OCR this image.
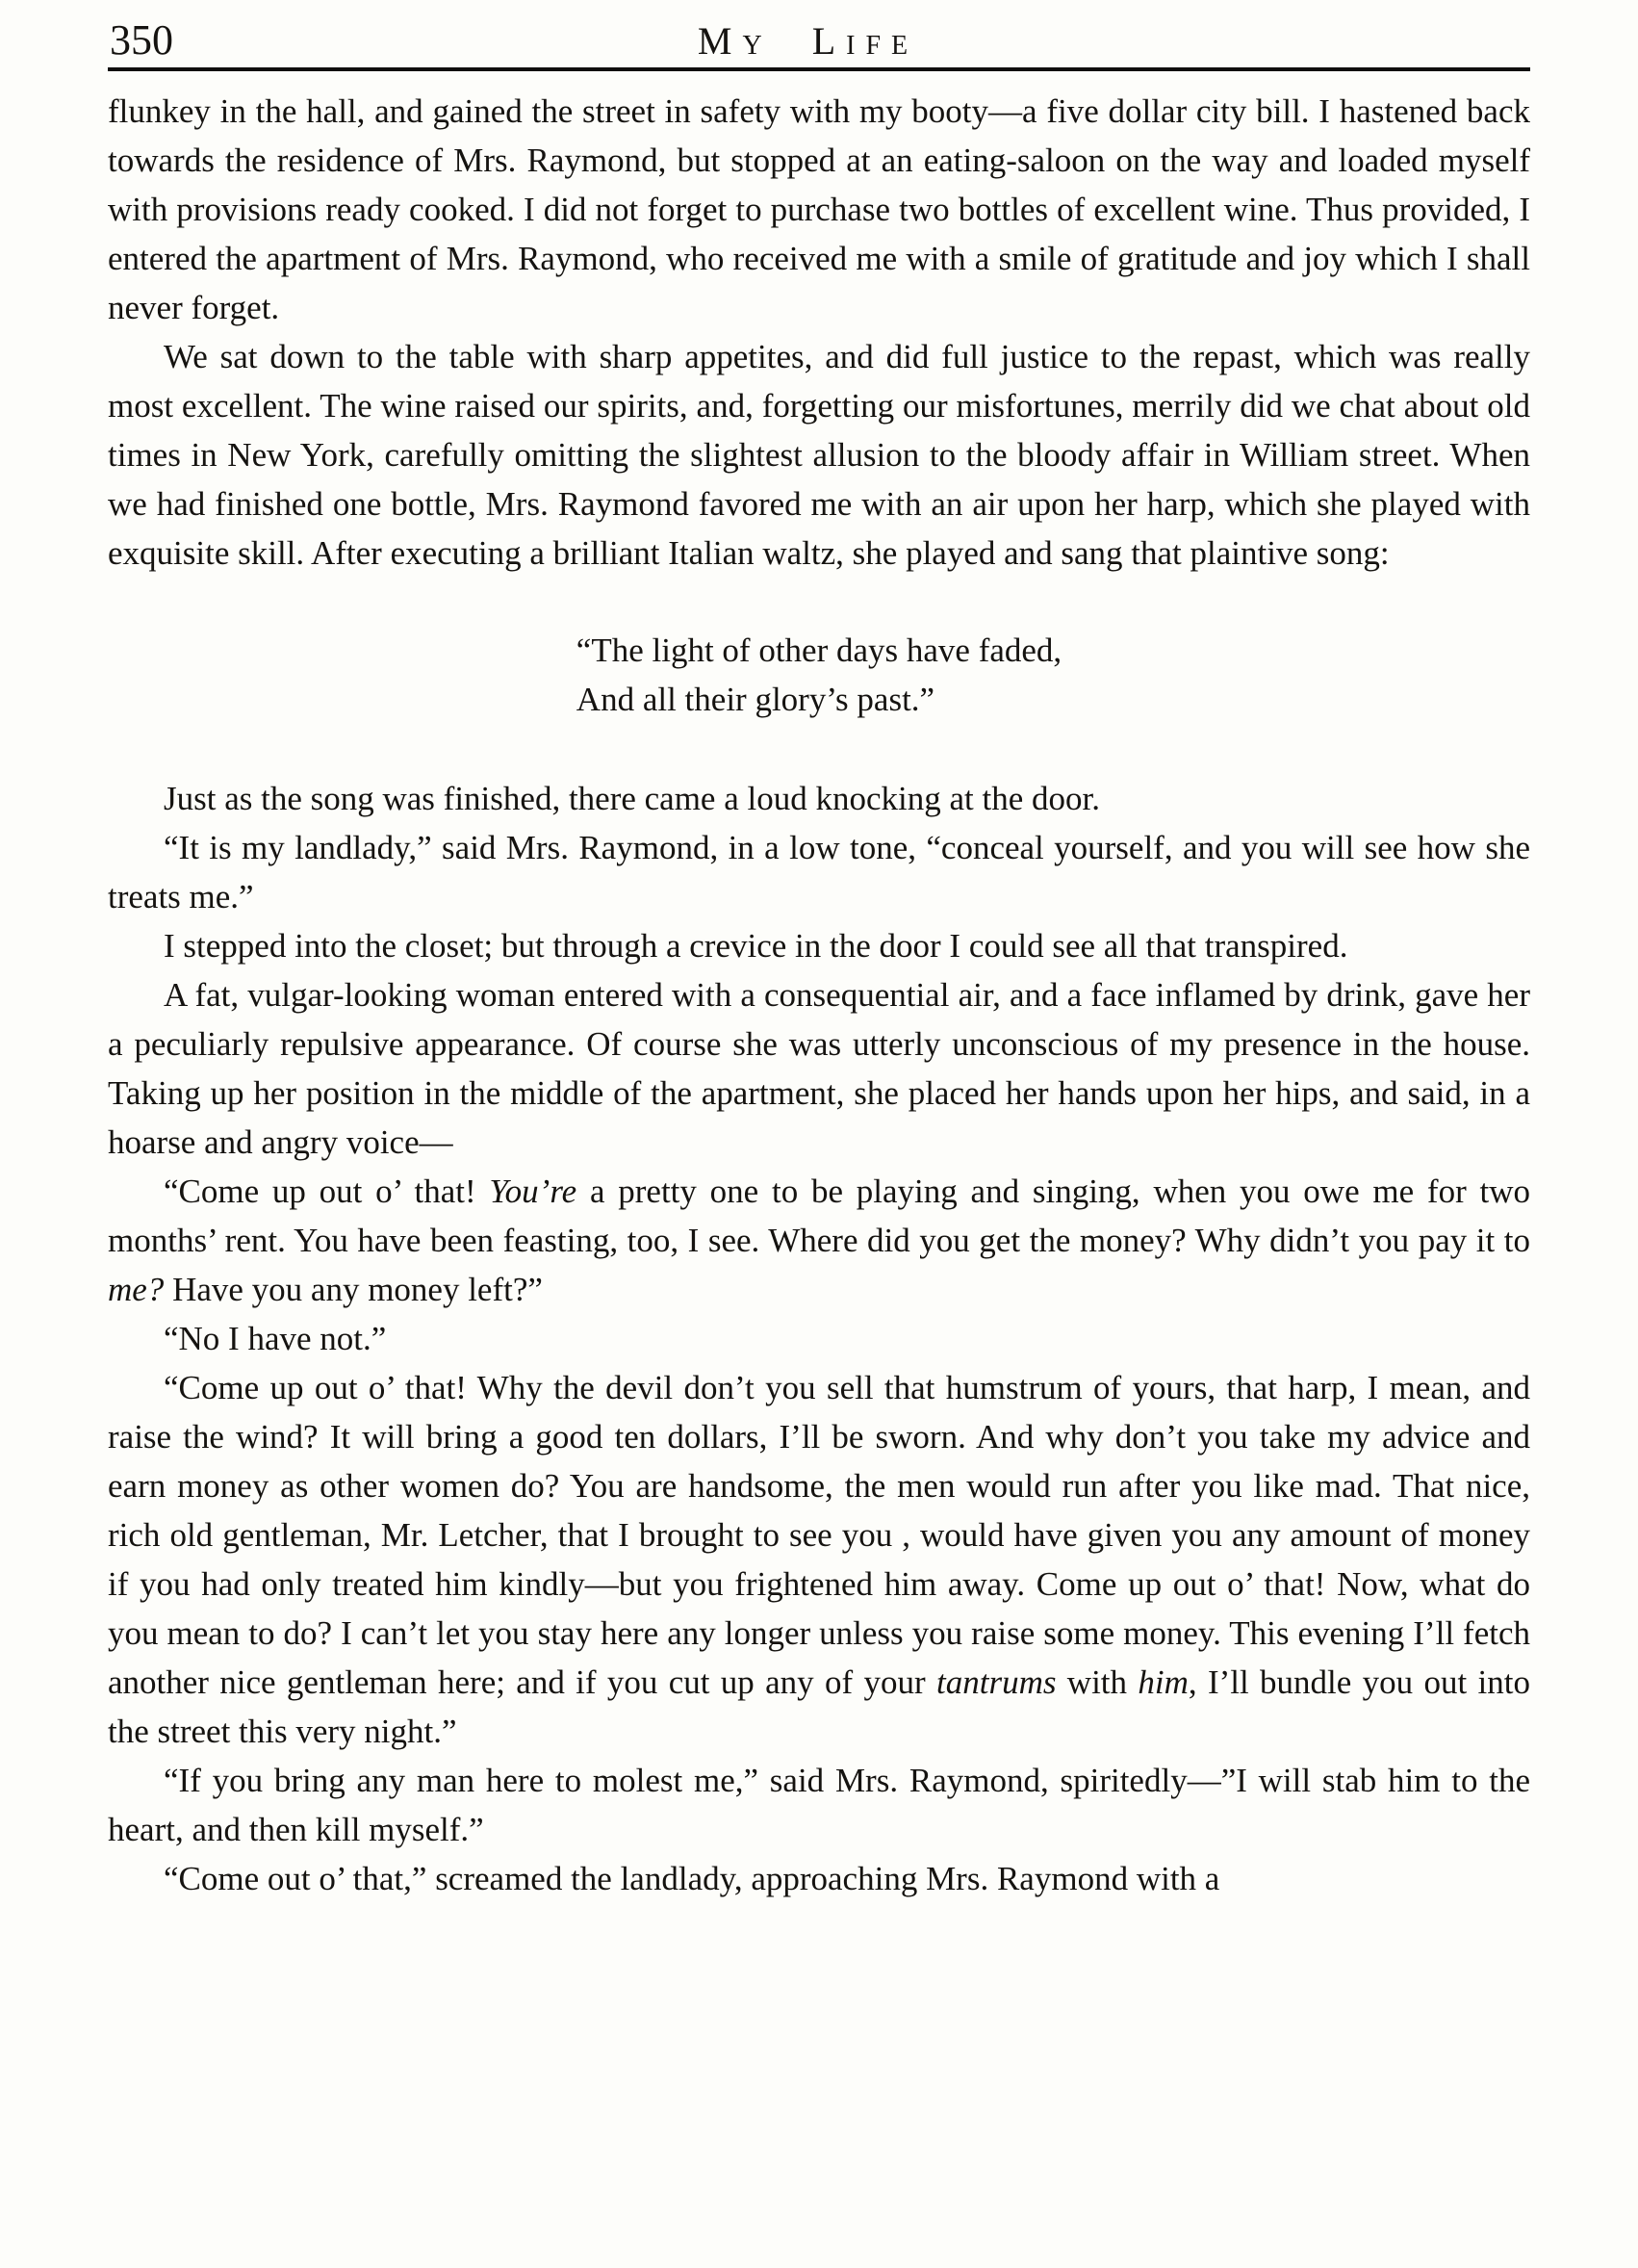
350	My Life

flunkey in the hall, and gained the street in safety with my booty—a five dollar city bill. I hastened back towards the residence of Mrs. Raymond, but stopped at an eating-saloon on the way and loaded myself with provisions ready cooked. I did not forget to purchase two bottles of excellent wine. Thus provided, I entered the apartment of Mrs. Raymond, who received me with a smile of gratitude and joy which I shall never forget.

We sat down to the table with sharp appetites, and did full justice to the repast, which was really most excellent. The wine raised our spirits, and, forgetting our misfortunes, merrily did we chat about old times in New York, carefully omitting the slightest allusion to the bloody affair in William street. When we had finished one bottle, Mrs. Raymond favored me with an air upon her harp, which she played with exquisite skill. After executing a brilliant Italian waltz, she played and sang that plaintive song:

“The light of other days have faded,
And all their glory’s past.”

Just as the song was finished, there came a loud knocking at the door.

“It is my landlady,” said Mrs. Raymond, in a low tone, “conceal yourself, and you will see how she treats me.”

I stepped into the closet; but through a crevice in the door I could see all that transpired.

A fat, vulgar-looking woman entered with a consequential air, and a face inflamed by drink, gave her a peculiarly repulsive appearance. Of course she was utterly unconscious of my presence in the house. Taking up her position in the middle of the apartment, she placed her hands upon her hips, and said, in a hoarse and angry voice—

“Come up out o’ that! You’re a pretty one to be playing and singing, when you owe me for two months’ rent. You have been feasting, too, I see. Where did you get the money? Why didn’t you pay it to me? Have you any money left?”

“No I have not.”

“Come up out o’ that! Why the devil don’t you sell that humstrum of yours, that harp, I mean, and raise the wind? It will bring a good ten dollars, I’ll be sworn. And why don’t you take my advice and earn money as other women do? You are handsome, the men would run after you like mad. That nice, rich old gentleman, Mr. Letcher, that I brought to see you , would have given you any amount of money if you had only treated him kindly—but you frightened him away. Come up out o’ that! Now, what do you mean to do? I can’t let you stay here any longer unless you raise some money. This evening I’ll fetch another nice gentleman here; and if you cut up any of your tantrums with him, I’ll bundle you out into the street this very night.”

“If you bring any man here to molest me,” said Mrs. Raymond, spiritedly—”I will stab him to the heart, and then kill myself.”

“Come out o’ that,” screamed the landlady, approaching Mrs. Raymond with a
